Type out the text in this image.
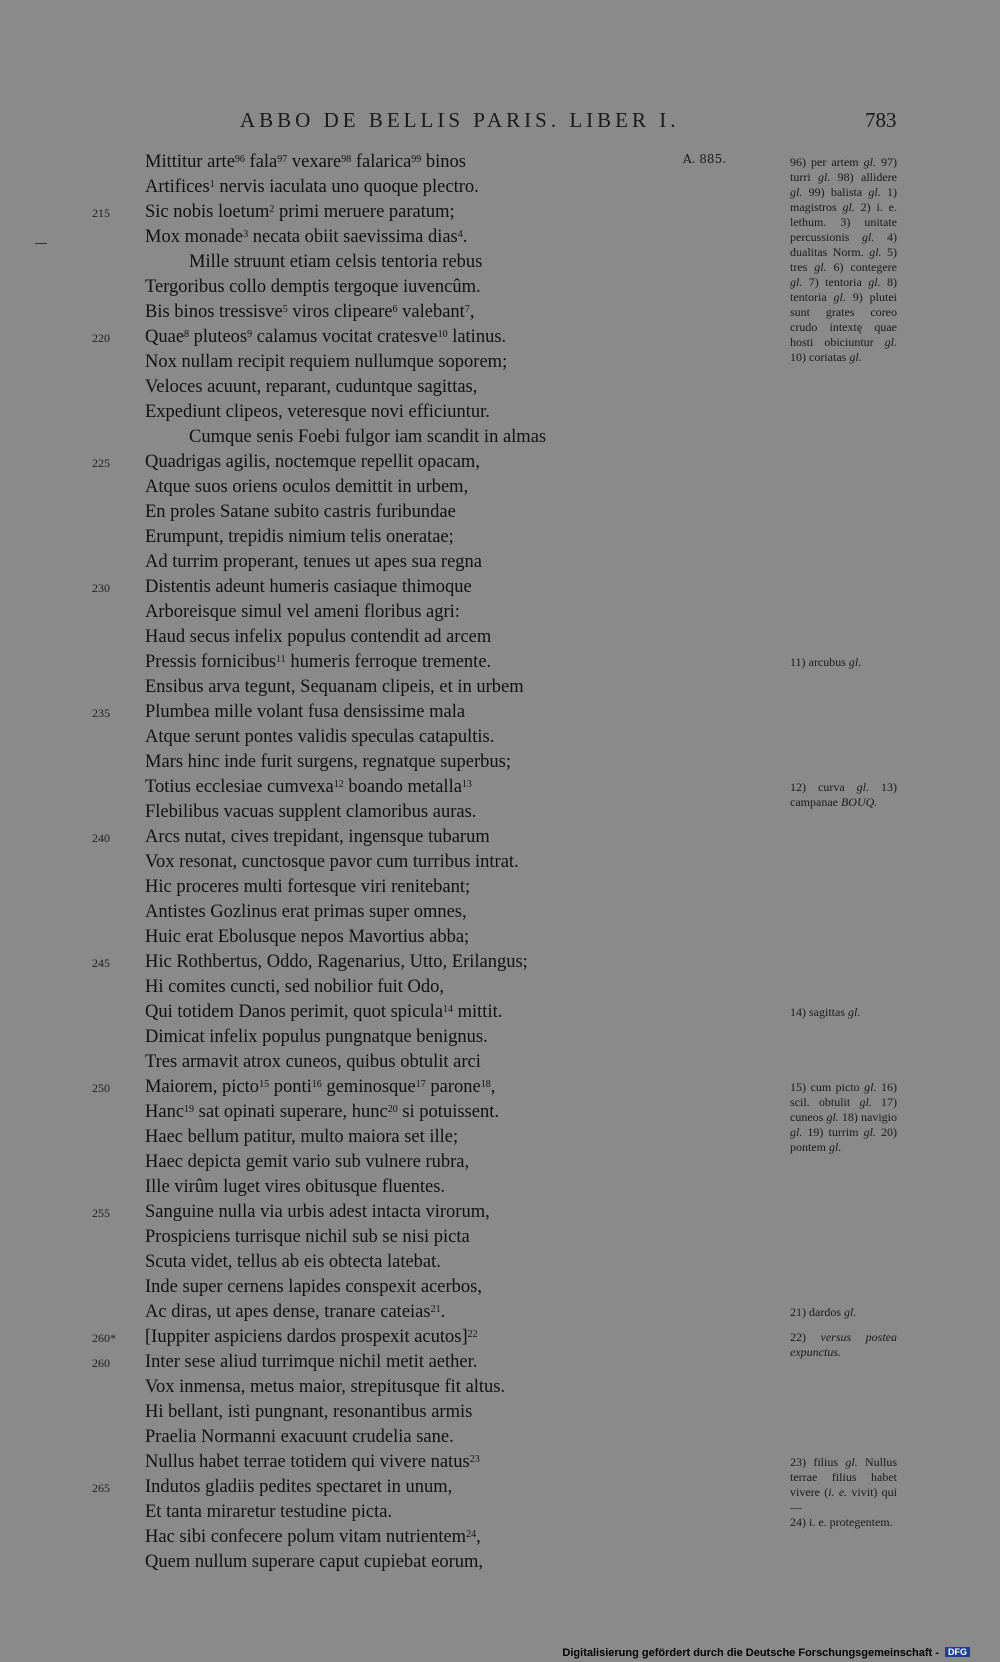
ABBO DE BELLIS PARIS. LIBER I.	783
A. 885.
Mittitur arte$^{96}$ fala$^{97}$ vexare$^{98}$ falarica$^{99}$ binos
Artifices$^1$ nervis iaculata uno quoque plectro.
215	Sic nobis loetum$^2$ primi meruere paratum;
Mox monade$^3$ necata obiit saevissima dias$^4$.
Mille struunt etiam celsis tentoria rebus
Tergoribus collo demptis tergoque iuvencûm.
Bis binos tressisve$^5$ viros clipeare$^6$ valebant$^7$,
220	Quae$^8$ pluteos$^9$ calamus vocitat cratesve$^{10}$ latinus.
Nox nullam recipit requiem nullumque soporem;
Veloces acuunt, reparant, cuduntque sagittas,
Expediunt clipeos, veteresque novi efficiuntur.
Cumque senis Foebi fulgor iam scandit in almas
225	Quadrigas agilis, noctemque repellit opacam,
Atque suos oriens oculos demittit in urbem,
En proles Satane subito castris furibundae
Erumpunt, trepidis nimium telis oneratae;
Ad turrim properant, tenues ut apes sua regna
230	Distentis adeunt humeris casiaque thimoque
Arboreisque simul vel ameni floribus agri:
Haud secus infelix populus contendit ad arcem
Pressis fornicibus$^{11}$ humeris ferroque tremente.
Ensibus arva tegunt, Sequanam clipeis, et in urbem
235	Plumbea mille volant fusa densissime mala
Atque serunt pontes validis speculas catapultis.
Mars hinc inde furit surgens, regnatque superbus;
Totius ecclesiae cumvexa$^{12}$ boando metalla$^{13}$
Flebilibus vacuas supplent clamoribus auras.
240	Arcs nutat, cives trepidant, ingensque tubarum
Vox resonat, cunctosque pavor cum turribus intrat.
Hic proceres multi fortesque viri renitebant;
Antistes Gozlinus erat primas super omnes,
Huic erat Ebolusque nepos Mavortius abba;
245	Hic Rothbertus, Oddo, Ragenarius, Utto, Erilangus;
Hi comites cuncti, sed nobilior fuit Odo,
Qui totidem Danos perimit, quot spicula$^{14}$ mittit.
Dimicat infelix populus pungnatque benignus.
Tres armavit atrox cuneos, quibus obtulit arci
250	Maiorem, picto$^{15}$ ponti$^{16}$ geminosque$^{17}$ parone$^{18}$,
Hanc$^{19}$ sat opinati superare, hunc$^{20}$ si potuissent.
Haec bellum patitur, multo maiora set ille;
Haec depicta gemit vario sub vulnere rubra,
Ille virûm luget vires obitusque fluentes.
255	Sanguine nulla via urbis adest intacta virorum,
Prospiciens turrisque nichil sub se nisi picta
Scuta videt, tellus ab eis obtecta latebat.
Inde super cernens lapides conspexit acerbos,
Ac diras, ut apes dense, tranare cateias$^{21}$.
260*	[Iuppiter aspiciens dardos prospexit acutos]$^{22}$
260	Inter sese aliud turrimque nichil metit aether.
Vox inmensa, metus maior, strepitusque fit altus.
Hi bellant, isti pungnant, resonantibus armis
Praelia Normanni exacuunt crudelia sane.
Nullus habet terrae totidem qui vivere natus$^{23}$
265	Indutos gladiis pedites spectaret in unum,
Et tanta miraretur testudine picta.
Hac sibi confecere polum vitam nutrientem$^{24}$,
Quem nullum superare caput cupiebat eorum,
96) per artem gl. 97) turri gl. 98) allidere gl. 99) balista gl. 1) magistros gl. 2) i. e. lethum. 3) unitate percussionis gl. 4) dualitas Norm. gl. 5) tres gl. 6) contegere gl. 7) tentoria gl. 8) tentoria gl. 9) plutei sunt grates coreo crudo intextę quae hosti obiciuntur gl. 10) coriatas gl.
11) arcubus gl.
12) curva gl. 13) campanae BOUQ.
14) sagittas gl.
15) cum picto gl. 16) scil. obtulit gl. 17) cuneos gl. 18) navigio gl. 19) turrim gl. 20) pontem gl.
21) dardos gl.
22) versus postea expunctus.
23) filius gl. Nullus terrae filius habet vivere (i. e. vivit) qui —
24) i. e. protegentem.
Digitalisierung gefördert durch die Deutsche Forschungsgemeinschaft - DFG
